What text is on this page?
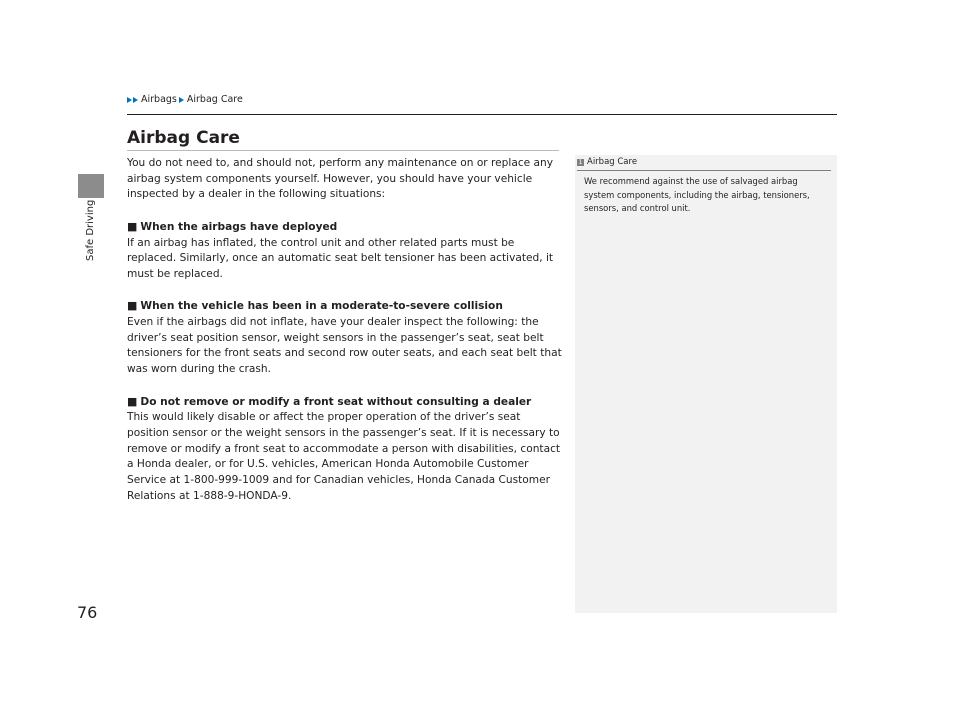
Safe Driving
Airbags Airbag Care
Airbag Care

You do not need to, and should not, perform any maintenance on or replace any airbag system components yourself. However, you should have your vehicle inspected by a dealer in the following situations:

■ When the airbags have deployed

If an airbag has inflated, the control unit and other related parts must be replaced. Similarly, once an automatic seat belt tensioner has been activated, it must be replaced.

■ When the vehicle has been in a moderate-to-severe collision

Even if the airbags did not inflate, have your dealer inspect the following: the driver’s seat position sensor, weight sensors in the passenger’s seat, seat belt tensioners for the front seats and second row outer seats, and each seat belt that was worn during the crash.

■ Do not remove or modify a front seat without consulting a dealer

This would likely disable or affect the proper operation of the driver’s seat position sensor or the weight sensors in the passenger’s seat. If it is necessary to remove or modify a front seat to accommodate a person with disabilities, contact a Honda dealer, or for U.S. vehicles, American Honda Automobile Customer Service at 1-800-999-1009 and for Canadian vehicles, Honda Canada Customer Relations at 1-888-9-HONDA-9.

1 Airbag Care
We recommend against the use of salvaged airbag system components, including the airbag, tensioners, sensors, and control unit.
76
